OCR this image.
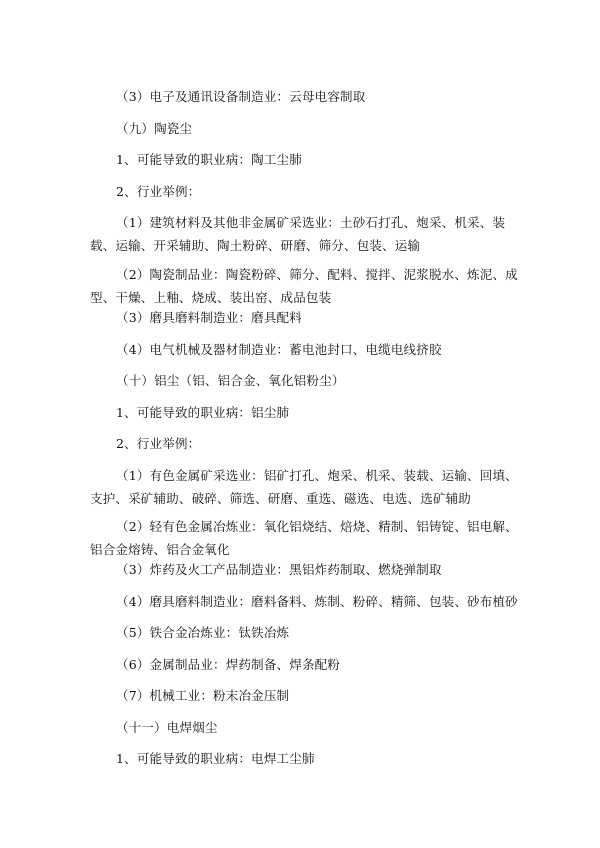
（3）电子及通讯设备制造业：云母电容制取
（九）陶瓷尘
1、可能导致的职业病：陶工尘肺
2、行业举例：
（1）建筑材料及其他非金属矿采选业：土砂石打孔、炮采、机采、装载、运输、开采辅助、陶土粉碎、研磨、筛分、包装、运输
（2）陶瓷制品业：陶瓷粉碎、筛分、配料、搅拌、泥浆脱水、炼泥、成型、干燥、上釉、烧成、装出窑、成品包装
（3）磨具磨料制造业：磨具配料
（4）电气机械及器材制造业：蓄电池封口、电缆电线挤胶
（十）铝尘（铝、铝合金、氧化铝粉尘）
1、可能导致的职业病：铝尘肺
2、行业举例：
（1）有色金属矿采选业：铝矿打孔、炮采、机采、装载、运输、回填、支护、采矿辅助、破碎、筛选、研磨、重选、磁选、电选、选矿辅助
（2）轻有色金属冶炼业：氧化铝烧结、焙烧、精制、铝铸锭、铝电解、铝合金熔铸、铝合金氧化
（3）炸药及火工产品制造业：黑铝炸药制取、燃烧弹制取
（4）磨具磨料制造业：磨料备料、炼制、粉碎、精筛、包装、砂布植砂
（5）铁合金冶炼业：钛铁冶炼
（6）金属制品业：焊药制备、焊条配粉
（7）机械工业：粉末冶金压制
（十一）电焊烟尘
1、可能导致的职业病：电焊工尘肺
